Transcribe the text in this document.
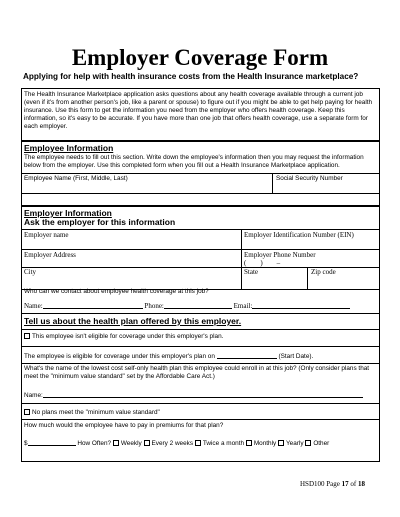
Employer Coverage Form
Applying for help with health insurance costs from the Health Insurance marketplace?
The Health Insurance Marketplace application asks questions about any health coverage available through a current job (even if it's from another person's job, like a parent or spouse) to figure out if you might be able to get help paying for health insurance. Use this form to get the information you need from the employer who offers health coverage. Keep this information, so it's easy to be accurate. If you have more than one job that offers health coverage, use a separate form for each employer.
Employee Information
The employee needs to fill out this section. Write down the employee's information then you may request the information below from the employer. Use this completed form when you fill out a Health Insurance Marketplace application.
Employee Name (First, Middle, Last)	Social Security Number
Employer Information
Ask the employer for this information
Employer name	Employer Identification Number (EIN)
Employer Address	Employer Phone Number
(        )        –
City	State	Zip code
Who can we contact about employee health coverage at this job?
Name:	Phone:	Email:
Tell us about the health plan offered by this employer.
This employee isn't eligible for coverage under this employer's plan.
The employee is eligible for coverage under this employer's plan on	(Start Date).
What's the name of the lowest cost self-only health plan this employee could enroll in at this job? (Only consider plans that meet the "minimum value standard" set by the Affordable Care Act.)
Name:
No plans meet the "minimum value standard"
How much would the employee have to pay in premiums for that plan?
$	How Often? Weekly Every 2 weeks Twice a month Monthly Yearly Other
HSD100 Page 17 of 18
